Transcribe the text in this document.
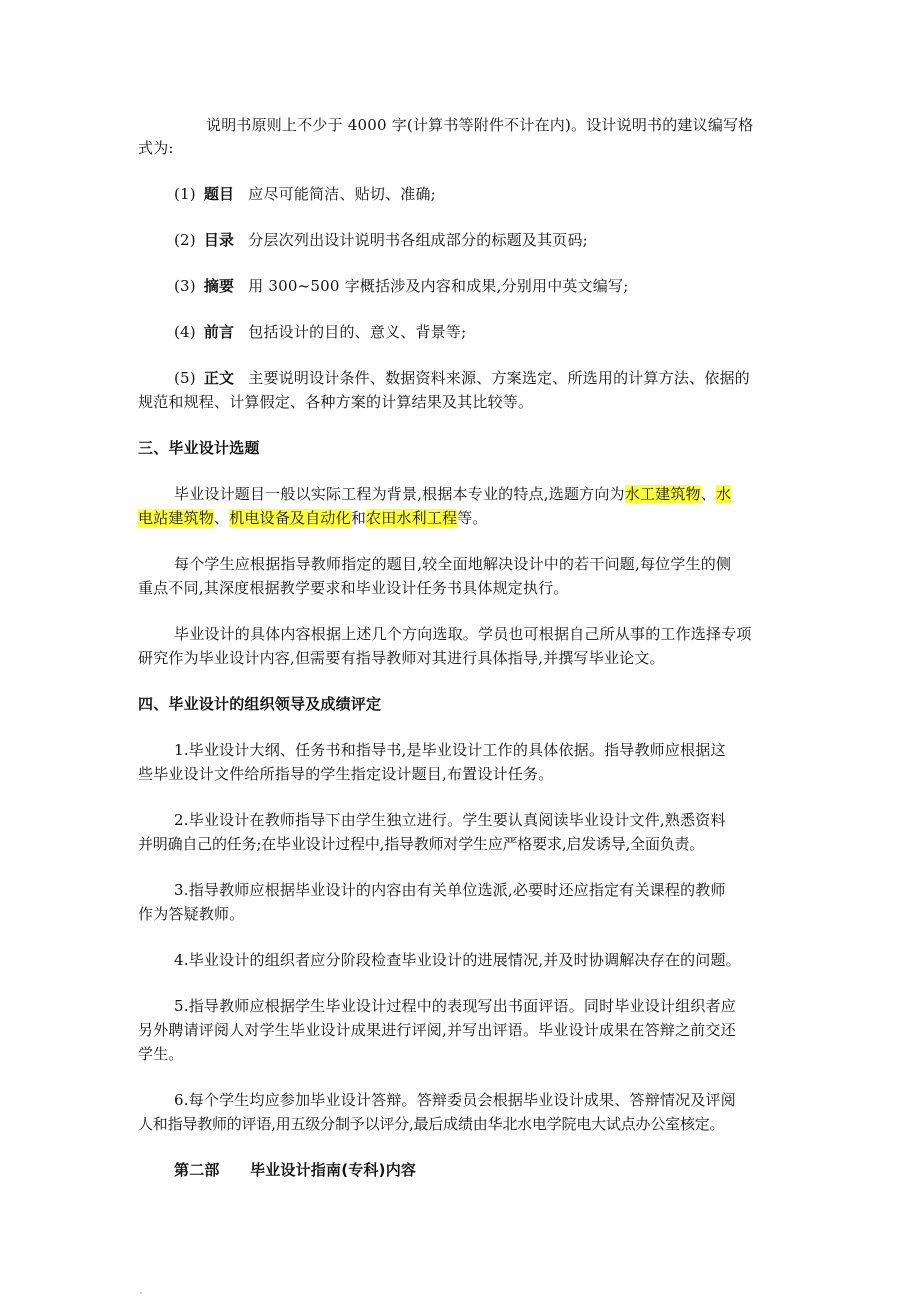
说明书原则上不少于 4000 字(计算书等附件不计在内)。设计说明书的建议编写格
式为:
(1) 题目 应尽可能简洁、贴切、准确;
(2) 目录 分层次列出设计说明书各组成部分的标题及其页码;
(3) 摘要 用 300~500 字概括涉及内容和成果,分别用中英文编写;
(4) 前言 包括设计的目的、意义、背景等;
(5) 正文 主要说明设计条件、数据资料来源、方案选定、所选用的计算方法、依据的
规范和规程、计算假定、各种方案的计算结果及其比较等。
三、毕业设计选题
毕业设计题目一般以实际工程为背景,根据本专业的特点,选题方向为水工建筑物、水
电站建筑物、机电设备及自动化和农田水利工程等。
每个学生应根据指导教师指定的题目,较全面地解决设计中的若干问题,每位学生的侧
重点不同,其深度根据教学要求和毕业设计任务书具体规定执行。
毕业设计的具体内容根据上述几个方向选取。学员也可根据自己所从事的工作选择专项
研究作为毕业设计内容,但需要有指导教师对其进行具体指导,并撰写毕业论文。
四、毕业设计的组织领导及成绩评定
1.毕业设计大纲、任务书和指导书,是毕业设计工作的具体依据。指导教师应根据这
些毕业设计文件给所指导的学生指定设计题目,布置设计任务。
2.毕业设计在教师指导下由学生独立进行。学生要认真阅读毕业设计文件,熟悉资料
并明确自己的任务;在毕业设计过程中,指导教师对学生应严格要求,启发诱导,全面负责。
3.指导教师应根据毕业设计的内容由有关单位选派,必要时还应指定有关课程的教师
作为答疑教师。
4.毕业设计的组织者应分阶段检查毕业设计的进展情况,并及时协调解决存在的问题。
5.指导教师应根据学生毕业设计过程中的表现写出书面评语。同时毕业设计组织者应
另外聘请评阅人对学生毕业设计成果进行评阅,并写出评语。毕业设计成果在答辩之前交还
学生。
6.每个学生均应参加毕业设计答辩。答辩委员会根据毕业设计成果、答辩情况及评阅
人和指导教师的评语,用五级分制予以评分,最后成绩由华北水电学院电大试点办公室核定。
第二部　　毕业设计指南(专科)内容
